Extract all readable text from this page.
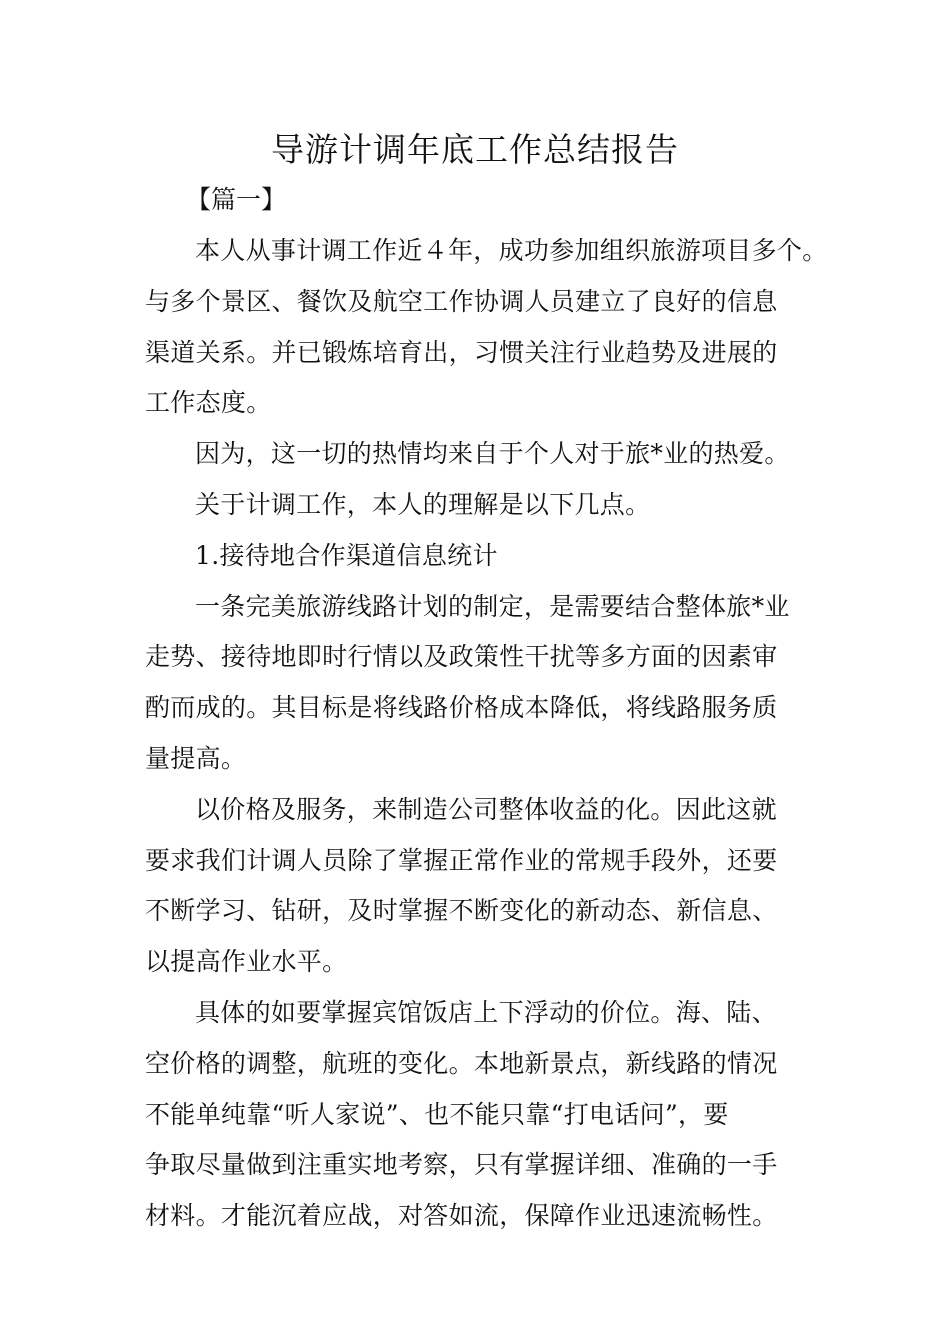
导游计调年底工作总结报告

【篇一】

本人从事计调工作近４年，成功参加组织旅游项目多个。
与多个景区、餐饮及航空工作协调人员建立了良好的信息
渠道关系。并已锻炼培育出，习惯关注行业趋势及进展的
工作态度。

因为，这一切的热情均来自于个人对于旅*业的热爱。

关于计调工作，本人的理解是以下几点。

1.接待地合作渠道信息统计

一条完美旅游线路计划的制定，是需要结合整体旅*业
走势、接待地即时行情以及政策性干扰等多方面的因素审
酌而成的。其目标是将线路价格成本降低，将线路服务质
量提高。

以价格及服务，来制造公司整体收益的化。因此这就
要求我们计调人员除了掌握正常作业的常规手段外，还要
不断学习、钻研，及时掌握不断变化的新动态、新信息、
以提高作业水平。

具体的如要掌握宾馆饭店上下浮动的价位。海、陆、
空价格的调整，航班的变化。本地新景点，新线路的情况
不能单纯靠“听人家说”、也不能只靠“打电话问”，要
争取尽量做到注重实地考察，只有掌握详细、准确的一手
材料。才能沉着应战，对答如流，保障作业迅速流畅性。
